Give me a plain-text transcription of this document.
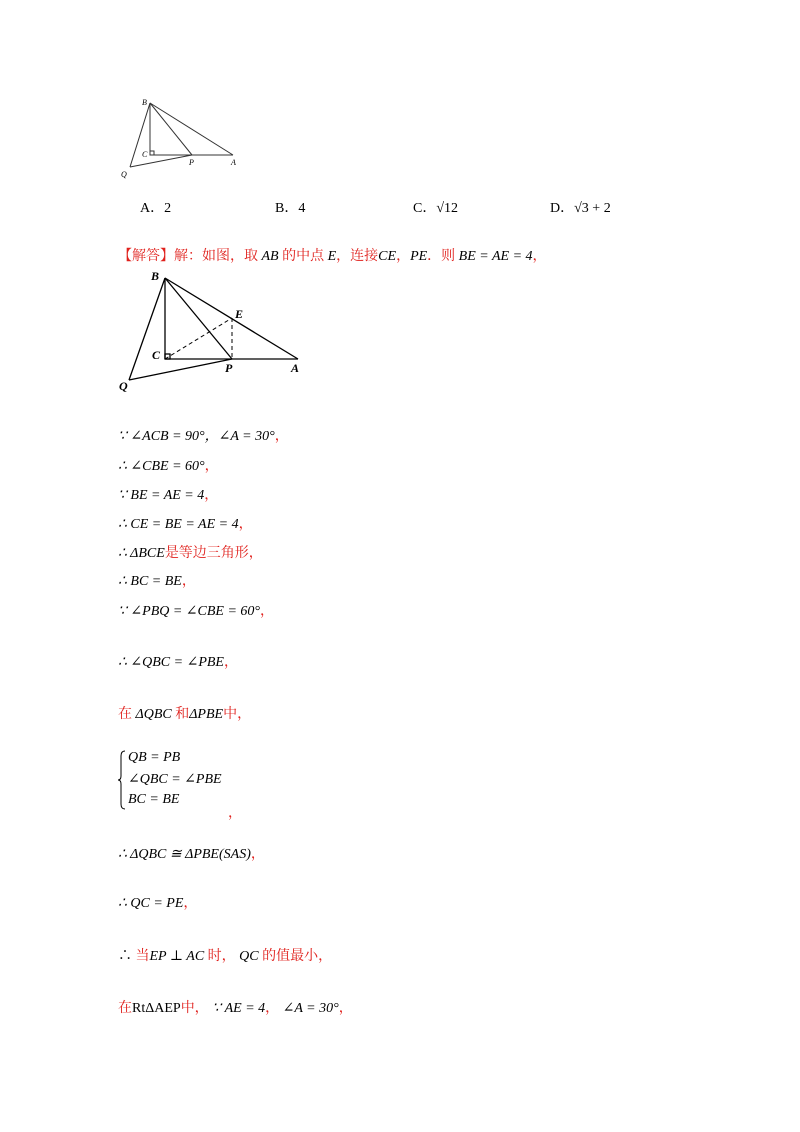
B
C
P	A
Q
A．2	B．4	C．√12	D．√3 + 2
【解答】解：如图，取 AB 的中点 E，连接CE，PE．则 BE = AE = 4，
B
E
C
P	A
Q
∵ ∠ACB = 90°，∠A = 30°，
∴ ∠CBE = 60°，
∵ BE = AE = 4，
∴ CE = BE = AE = 4，
∴ ΔBCE是等边三角形，
∴ BC = BE，
∵ ∠PBQ = ∠CBE = 60°，
∴ ∠QBC = ∠PBE，
在 ΔQBC 和ΔPBE中，
QB = PB
∠QBC = ∠PBE
BC = BE
，
∴ ΔQBC ≅ ΔPBE(SAS)，
∴ QC = PE，
∴ 当EP ⊥ AC 时， QC 的值最小，
在RtΔAEP中， ∵ AE = 4， ∠A = 30°，
